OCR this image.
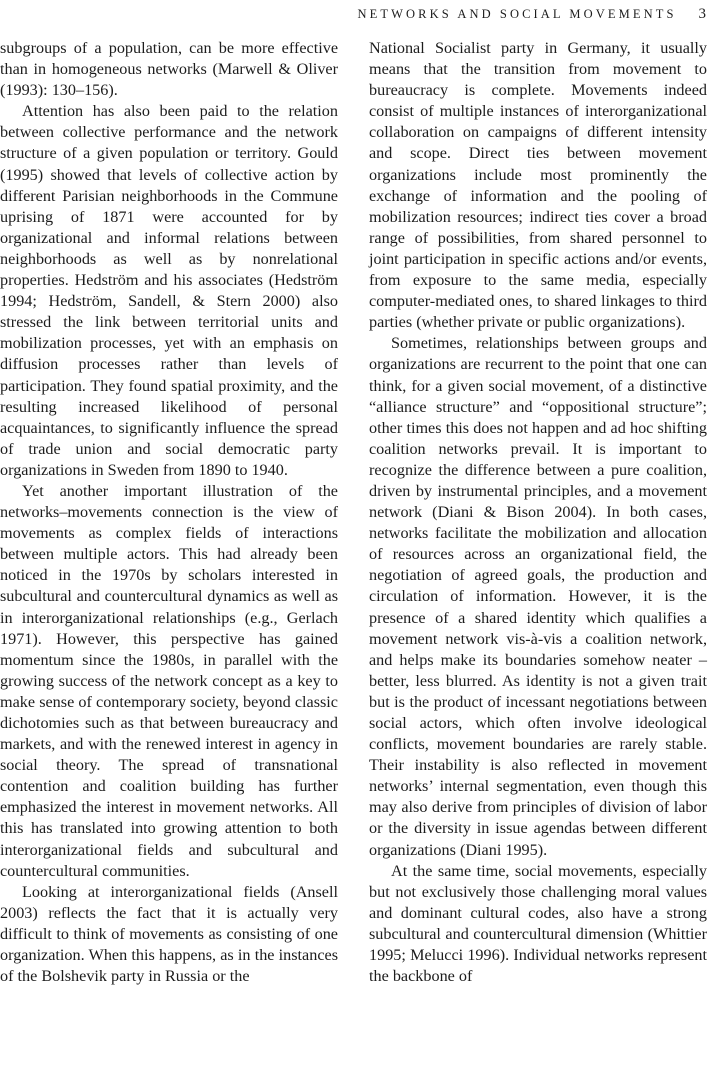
NETWORKS AND SOCIAL MOVEMENTS 3

subgroups of a population, can be more effective than in homogeneous networks (Marwell & Oliver (1993): 130–156).

Attention has also been paid to the relation between collective performance and the network structure of a given population or territory. Gould (1995) showed that levels of collective action by different Parisian neighborhoods in the Commune uprising of 1871 were accounted for by organizational and informal relations between neighborhoods as well as by nonrelational properties. Hedström and his associates (Hedström 1994; Hedström, Sandell, & Stern 2000) also stressed the link between territorial units and mobilization processes, yet with an emphasis on diffusion processes rather than levels of participation. They found spatial proximity, and the resulting increased likelihood of personal acquaintances, to significantly influence the spread of trade union and social democratic party organizations in Sweden from 1890 to 1940.

Yet another important illustration of the networks–movements connection is the view of movements as complex fields of interactions between multiple actors. This had already been noticed in the 1970s by scholars interested in subcultural and countercultural dynamics as well as in interorganizational relationships (e.g., Gerlach 1971). However, this perspective has gained momentum since the 1980s, in parallel with the growing success of the network concept as a key to make sense of contemporary society, beyond classic dichotomies such as that between bureaucracy and markets, and with the renewed interest in agency in social theory. The spread of transnational contention and coalition building has further emphasized the interest in movement networks. All this has translated into growing attention to both interorganizational fields and subcultural and countercultural communities.

Looking at interorganizational fields (Ansell 2003) reflects the fact that it is actually very difficult to think of movements as consisting of one organization. When this happens, as in the instances of the Bolshevik party in Russia or the

National Socialist party in Germany, it usually means that the transition from movement to bureaucracy is complete. Movements indeed consist of multiple instances of interorganizational collaboration on campaigns of different intensity and scope. Direct ties between movement organizations include most prominently the exchange of information and the pooling of mobilization resources; indirect ties cover a broad range of possibilities, from shared personnel to joint participation in specific actions and/or events, from exposure to the same media, especially computer-mediated ones, to shared linkages to third parties (whether private or public organizations).

Sometimes, relationships between groups and organizations are recurrent to the point that one can think, for a given social movement, of a distinctive “alliance structure” and “oppositional structure”; other times this does not happen and ad hoc shifting coalition networks prevail. It is important to recognize the difference between a pure coalition, driven by instrumental principles, and a movement network (Diani & Bison 2004). In both cases, networks facilitate the mobilization and allocation of resources across an organizational field, the negotiation of agreed goals, the production and circulation of information. However, it is the presence of a shared identity which qualifies a movement network vis-à-vis a coalition network, and helps make its boundaries somehow neater – better, less blurred. As identity is not a given trait but is the product of incessant negotiations between social actors, which often involve ideological conflicts, movement boundaries are rarely stable. Their instability is also reflected in movement networks’ internal segmentation, even though this may also derive from principles of division of labor or the diversity in issue agendas between different organizations (Diani 1995).

At the same time, social movements, especially but not exclusively those challenging moral values and dominant cultural codes, also have a strong subcultural and countercultural dimension (Whittier 1995; Melucci 1996). Individual networks represent the backbone of
